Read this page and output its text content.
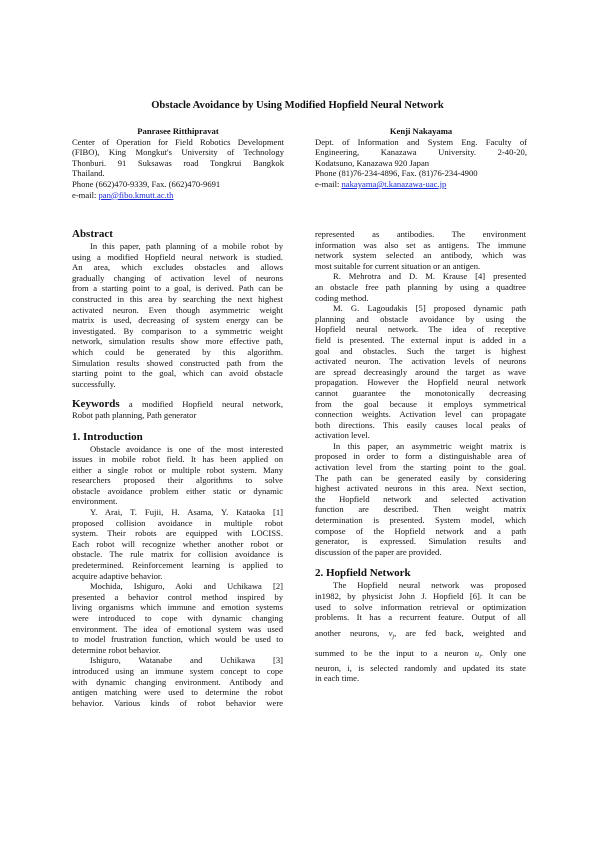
Obstacle Avoidance by Using Modified Hopfield Neural Network
Panrasee Ritthipravat
Center of Operation for Field Robotics Development
(FIBO), King Mongkut's University of Technology
Thonburi. 91 Suksawas road Tongkrui Bangkok
Thailand.
Phone (662)470-9339, Fax. (662)470-9691
e-mail: pan@fibo.kmutt.ac.th
Kenji Nakayama
Dept. of Information and System Eng. Faculty of
Engineering, Kanazawa University. 2-40-20,
Kodatsuno, Kanazawa 920 Japan
Phone (81)76-234-4896, Fax. (81)76-234-4900
e-mail: nakayama@t.kanazawa-uac.jp
Abstract
In this paper, path planning of a mobile robot by
using a modified Hopfield neural network is studied.
An area, which excludes obstacles and allows
gradually changing of activation level of neurons
from a starting point to a goal, is derived. Path can be
constructed in this area by searching the next highest
activated neuron. Even though asymmetric weight
matrix is used, decreasing of system energy can be
investigated. By comparison to a symmetric weight
network, simulation results show more effective path,
which could be generated by this algorithm.
Simulation results showed constructed path from the
starting point to the goal, which can avoid obstacle
successfully.
Keywords a modified Hopfield neural network,
Robot path planning, Path generator
1. Introduction
Obstacle avoidance is one of the most interested
issues in mobile robot field. It has been applied on
either a single robot or multiple robot system. Many
researchers proposed their algorithms to solve
obstacle avoidance problem either static or dynamic
environment.
Y. Arai, T. Fujii, H. Asama, Y. Kataoka [1]
proposed collision avoidance in multiple robot
system. Their robots are equipped with LOCISS.
Each robot will recognize whether another robot or
obstacle. The rule matrix for collision avoidance is
predetermined. Reinforcement learning is applied to
acquire adaptive behavior.
Mochida, Ishiguro, Aoki and Uchikawa [2]
presented a behavior control method inspired by
living organisms which immune and emotion systems
were introduced to cope with dynamic changing
environment. The idea of emotional system was used
to model frustration function, which would be used to
determine robot behavior.
Ishiguro, Watanabe and Uchikawa [3]
introduced using an immune system concept to cope
with dynamic changing environment. Antibody and
antigen matching were used to determine the robot
behavior. Various kinds of robot behavior were
represented as antibodies. The environment
information was also set as antigens. The immune
network system selected an antibody, which was
most suitable for current situation or an antigen.
R. Mehrotra and D. M. Krause [4] presented
an obstacle free path planning by using a quadtree
coding method.
M. G. Lagoudakis [5] proposed dynamic path
planning and obstacle avoidance by using the
Hopfield neural network. The idea of receptive
field is presented. The external input is added in a
goal and obstacles. Such the target is highest
activated neuron. The activation levels of neurons
are spread decreasingly around the target as wave
propagation. However the Hopfield neural network
cannot guarantee the monotonically decreasing
from the goal because it employs symmetrical
connection weights. Activation level can propagate
both directions. This easily causes local peaks of
activation level.
In this paper, an asymmetric weight matrix is
proposed in order to form a distinguishable area of
activation level from the starting point to the goal.
The path can be generated easily by considering
highest activated neurons in this area. Next section,
the Hopfield network and selected activation
function are described. Then weight matrix
determination is presented. System model, which
compose of the Hopfield network and a path
generator, is expressed. Simulation results and
discussion of the paper are provided.
2. Hopfield Network
The Hopfield neural network was proposed
in1982, by physicist John J. Hopfield [6]. It can be
used to solve information retrieval or optimization
problems. It has a recurrent feature. Output of all
another neurons, $v_j$, are fed back, weighted and
summed to be the input to a neuron $u_i$. Only one
neuron, i, is selected randomly and updated its state
in each time.
